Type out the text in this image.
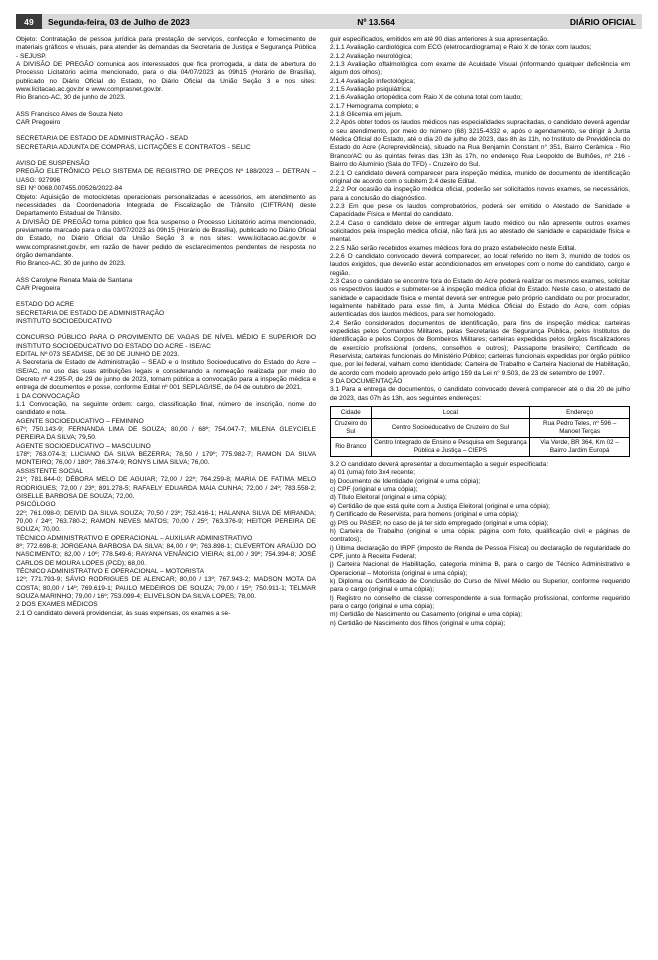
49	Segunda-feira, 03 de Julho de 2023	Nº 13.564	DIÁRIO OFICIAL

Objeto: Contratação de pessoa jurídica para prestação de serviços, confecção e fornecimento de materiais gráficos e visuais, para atender às demandas da Secretaria de Justiça e Segurança Pública - SEJUSP.

A DIVISÃO DE PREGÃO comunica aos interessados que fica prorrogada, a data de abertura do Processo Licitatório acima mencionado, para o dia 04/07/2023 às 09h15 (Horário de Brasília), publicado no Diário Oficial do Estado, no Diário Oficial da União Seção 3 e nos sites: www.licitacao.ac.gov.br e www.comprasnet.gov.br.

Rio Branco-AC, 30 de junho de 2023.

ASS Francisco Alves de Souza Neto

CAR Pregoeiro

SECRETARIA DE ESTADO DE ADMINISTRAÇÃO - SEAD

SECRETARIA ADJUNTA DE COMPRAS, LICITAÇÕES E CONTRATOS - SELIC

AVISO DE SUSPENSÃO

PREGÃO ELETRÔNICO PELO SISTEMA DE REGISTRO DE PREÇOS Nº 188/2023 – DETRAN – UASG: 927996

SEI Nº 0068.007455.00526/2022-84

Objeto: Aquisição de motocicletas operacionais personalizadas e acessórios, em atendimento as necessidades da Coordenadoria Integrada de Fiscalização de Trânsito (CIFTRAN) deste Departamento Estadual de Trânsito.

A DIVISÃO DE PREGÃO torna público que fica suspenso o Processo Licitatório acima mencionado, previamente marcado para o dia 03/07/2023 às 09h15 (Horário de Brasília), publicado no Diário Oficial do Estado, no Diário Oficial da União Seção 3 e nos sites: www.licitacao.ac.gov.br e www.comprasnet.gov.br, em razão de haver pedido de esclarecimentos pendentes de resposta no órgão demandante.

Rio Branco-AC, 30 de junho de 2023.

ASS Carolyne Renata Maia de Santana

CAR Pregoeira

ESTADO DO ACRE

SECRETARIA DE ESTADO DE ADMINISTRAÇÃO

INSTITUTO SOCIOEDUCATIVO

CONCURSO PÚBLICO PARA O PROVIMENTO DE VAGAS DE NÍVEL MÉDIO E SUPERIOR DO INSTITUTO SOCIOEDUCATIVO DO ESTADO DO ACRE - ISE/AC

EDITAL Nº 073 SEAD/ISE, DE 30 DE JUNHO DE 2023.

A Secretaria de Estado de Administração – SEAD e o Instituto Socioeducativo do Estado do Acre – ISE/AC, no uso das suas atribuições legais e considerando a nomeação realizada por meio do Decreto nº 4.295-P, de 29 de junho de 2023, tornam pública a convocação para a inspeção médica e entrega de documentos e posse, conforme Edital nº 001 SEPLAG/ISE, de 04 de outubro de 2021.

1 DA CONVOCAÇÃO

1.1 Convocação, na seguinte ordem: cargo, classificação final, número de inscrição, nome do candidato e nota.

AGENTE SOCIOEDUCATIVO – FEMININO

67º; 750.143-9; FERNANDA LIMA DE SOUZA; 80,00 / 68º; 754.047-7; MILENA GLEYCIELE PEREIRA DA SILVA; 79,50.

AGENTE SOCIOEDUCATIVO – MASCULINO

178º; 763.074-3; LUCIANO DA SILVA BEZERRA; 78,50 / 179º; 775.982-7; RAMON DA SILVA MONTEIRO; 76,00 / 180º; 786.374-9; RONYS LIMA SILVA; 76,00.

ASSISTENTE SOCIAL

21º; 781.844-0; DÉBORA MELO DE AGUIAR; 72,00 / 22º; 764.259-8; MARIA DE FATIMA MELO RODRIGUES; 72,00 / 23º; 891.278-5; RAFAELY EDUARDA MAIA CUNHA; 72,00 / 24º; 783.558-2; GISELLE BARBOSA DE SOUZA; 72,00.

PSICÓLOGO

22º; 761.098-0; DEIVID DA SILVA SOUZA; 70,50 / 23º; 752.416-1; HALANNA SILVA DE MIRANDA; 70,00 / 24º; 763.780-2; RAMON NEVES MATOS; 70,00 / 25º; 763.376-9; HEITOR PEREIRA DE SOUZA; 70,00.

TÉCNICO ADMINISTRATIVO E OPERACIONAL – AUXILIAR ADMINISTRATIVO

8º; 772.698-8; JORGEANA BARBOSA DA SILVA; 84,00 / 9º; 763.898-1; CLEVERTON ARAÚJO DO NASCIMENTO; 82,00 / 10º; 778.549-6; RAYANA VENÂNCIO VIEIRA; 81,00 / 39º; 754.394-8; JOSÉ CARLOS DE MOURA LOPES (PCD); 68,00.

TÉCNICO ADMINISTRATIVO E OPERACIONAL – MOTORISTA

12º; 771.793-9; SÁVIO RODRIGUES DE ALENCAR; 80,00 / 13º; 767.943-2; MADSON MOTA DA COSTA; 80,00 / 14º; 769.619-1; PAULO MEDEIROS DE SOUZA; 79,00 / 15º; 750.911-1; TELMAR SOUZA MARINHO; 79,00 / 16º; 753.099-4; ELIVELSON DA SILVA LOPES; 78,00.

2 DOS EXAMES MÉDICOS

2.1 O candidato deverá providenciar, às suas expensas, os exames a se-

guir especificados, emitidos em até 90 dias anteriores à sua apresentação.

2.1.1 Avaliação cardiológica com ECG (eletrocardiograma) e Raio X de tórax com laudos;

2.1.2 Avaliação neurológica;

2.1.3 Avaliação oftalmológica com exame de Acuidade Visual (informando qualquer deficiência em algum dos olhos);

2.1.4 Avaliação infectológica;

2.1.5 Avaliação psiquiátrica;

2.1.6 Avaliação ortopédica com Raio X de coluna total com laudo;

2.1.7 Hemograma completo; e

2.1.8 Glicemia em jejum.

2.2 Após obter todos os laudos médicos nas especialidades supracitadas, o candidato deverá agendar o seu atendimento, por meio do número (68) 3215-4332 e, após o agendamento, se dirigir à Junta Médica Oficial do Estado, até o dia 20 de julho de 2023, das 8h às 11h, no Instituto de Previdência do Estado do Acre (Acreprevidência), situado na Rua Benjamin Constant n° 351, Bairro Cerâmica - Rio Branco/AC ou às quintas feiras das 13h às 17h, no endereço Rua Leopoldo de Bulhões, nº 216 - Bairro do Alumínio (Sala do TFD) - Cruzeiro do Sul.

2.2.1 O candidato deverá comparecer para inspeção médica, munido de documento de identificação original de acordo com o subitem 2.4 deste Edital.

2.2.2 Por ocasião da inspeção médica oficial, poderão ser solicitados novos exames, se necessários, para a conclusão do diagnóstico.

2.2.3 Em que pese os laudos comprobatórios, poderá ser emitido o Atestado de Sanidade e Capacidade Física e Mental do candidato.

2.2.4 Caso o candidato deixe de entregar algum laudo médico ou não apresente outros exames solicitados pela inspeção médica oficial, não fará jus ao atestado de sanidade e capacidade física e mental.

2.2.5 Não serão recebidos exames médicos fora do prazo estabelecido neste Edital.

2.2.6 O candidato convocado deverá comparecer, ao local referido no item 3, munido de todos os laudos exigidos, que deverão estar acondicionados em envelopes com o nome do candidato, cargo e região.

2.3 Caso o candidato se encontre fora do Estado do Acre poderá realizar os mesmos exames, solicitar os respectivos laudos e submeter-se à inspeção médica oficial do Estado. Neste caso, o atestado de sanidade e capacidade física e mental deverá ser entregue pelo próprio candidato ou por procurador, legalmente habilitado para esse fim, à Junta Médica Oficial do Estado do Acre, com cópias autenticadas dos laudos médicos, para ser homologado.

2.4 Serão considerados documentos de identificação, para fins de inspeção médica: carteiras expedidas pelos Comandos Militares, pelas Secretarias de Segurança Pública, pelos Institutos de Identificação e pelos Corpos de Bombeiros Militares; carteiras expedidas pelos órgãos fiscalizadores de exercício profissional (ordens, conselhos e outros); Passaporte brasileiro; Certificado de Reservista; carteiras funcionais do Ministério Público; carteiras funcionais expedidas por órgão público que, por lei federal, valham como identidade; Carteira de Trabalho e Carteira Nacional de Habilitação, de acordo com modelo aprovado pelo artigo 159 da Lei n° 9.503, de 23 de setembro de 1997.

3 DA DOCUMENTAÇÃO

3.1 Para a entrega de documentos, o candidato convocado deverá comparecer até o dia 20 de julho de 2023, das 07h às 13h, aos seguintes endereços:

Cidade	Local	Endereço
Cruzeiro do Sul	Centro Socioeducativo de Cruzeiro do Sul	Rua Pedro Teles, nº 596 – Manoel Terças
Rio Branco	Centro Integrado de Ensino e Pesquisa em Segurança Pública e Justiça – CIEPS	Via Verde, BR 364, Km 02 – Bairro Jardim Europá

3.2 O candidato deverá apresentar a documentação a seguir especificada:

a) 01 (uma) foto 3x4 recente;

b) Documento de Identidade (original e uma cópia);

c) CPF (original e uma cópia);

d) Título Eleitoral (original e uma cópia);

e) Certidão de que está quite com a Justiça Eleitoral (original e uma cópia);

f) Certificado de Reservista, para homens (original e uma cópia);

g) PIS ou PASEP, no caso de já ter sido empregado (original e uma cópia);

h) Carteira de Trabalho (original e uma cópia: página com foto, qualificação civil e páginas de contratos);

i) Última declaração do IRPF (imposto de Renda de Pessoa Física) ou declaração de regularidade do CPF, junto à Receita Federal;

j) Carteira Nacional de Habilitação, categoria mínima B, para o cargo de Técnico Administrativo e Operacional – Motorista (original e uma cópia);

k) Diploma ou Certificado de Conclusão do Curso de Nível Médio ou Superior, conforme requerido para o cargo (original e uma cópia);

l) Registro no conselho de classe correspondente a sua formação profissional, conforme requerido para o cargo (original e uma cópia);

m) Certidão de Nascimento ou Casamento (original e uma cópia);

n) Certidão de Nascimento dos filhos (original e uma cópia);
